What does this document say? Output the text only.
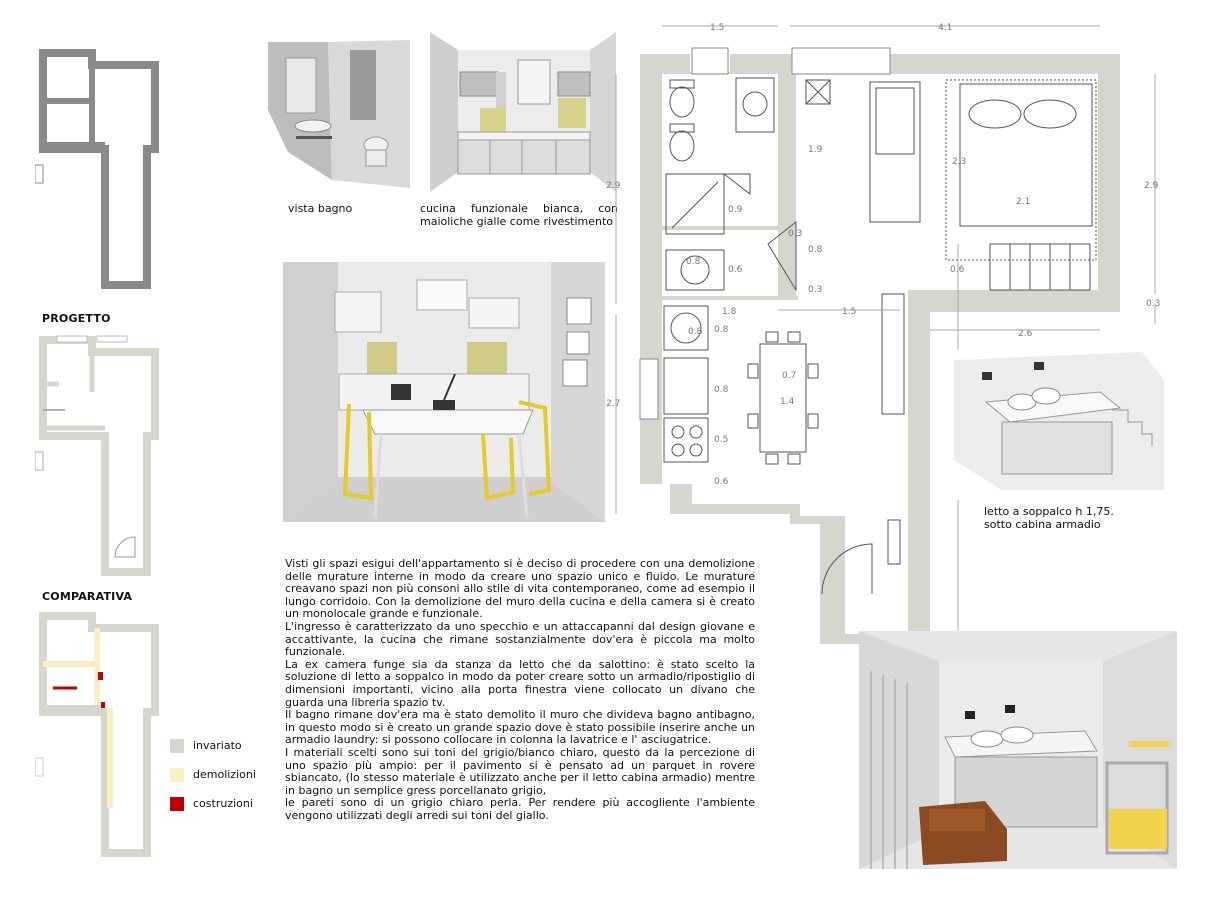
PROGETTO
COMPARATIVA
invariato
demolizioni
costruzioni
vista bagno	cucina funzionale bianca, con maioliche gialle come rivestimento
Visti gli spazi esigui dell'appartamento si è deciso di procedere con una demolizione delle murature interne in modo da creare uno spazio unico e fluido. Le murature creavano spazi non più consoni allo stile di vita contemporaneo, come ad esempio il lungo corridoio. Con la demolizione del muro della cucina e della camera si è creato un monolocale grande e funzionale.
L'ingresso è caratterizzato da uno specchio e un attaccapanni dal design giovane e accattivante, la cucina che rimane sostanzialmente dov'era è piccola ma molto funzionale.
La ex camera funge sia da stanza da letto che da salottino: è stato scelto la soluzione di letto a soppalco in modo da poter creare sotto un armadio/ripostiglio di dimensioni importanti, vicino alla porta finestra viene collocato un divano che guarda una libreria spazio tv.
Il bagno rimane dov'era ma è stato demolito il muro che divideva bagno antibagno, in questo modo si è creato un grande spazio dove è stato possibile inserire anche un armadio laundry: si possono collocare in colonna la lavatrice e l' asciugatrice.
I materiali scelti sono sui toni del grigio/bianco chiaro, questo da la percezione di uno spazio più ampio: per il pavimento si è pensato ad un parquet in rovere sbiancato, (lo stesso materiale è utilizzato anche per il letto cabina armadio) mentre in bagno un semplice gress porcellanato grigio,
le pareti sono di un grigio chiaro perla. Per rendere più accogliente l'ambiente vengono utilizzati degli arredi sui toni del giallo.
1.5	4.1
2.9
2.7
2.9
0.3
2.1
2.3
1.9
0.9
0.8
0.6
0.3
0.8
0.3
0.6
1.8	1.5
2.6
0.8
0.8
0.5
0.6
0.7
1.4
0.8
letto a soppalco h 1,75.
sotto cabina armadio
